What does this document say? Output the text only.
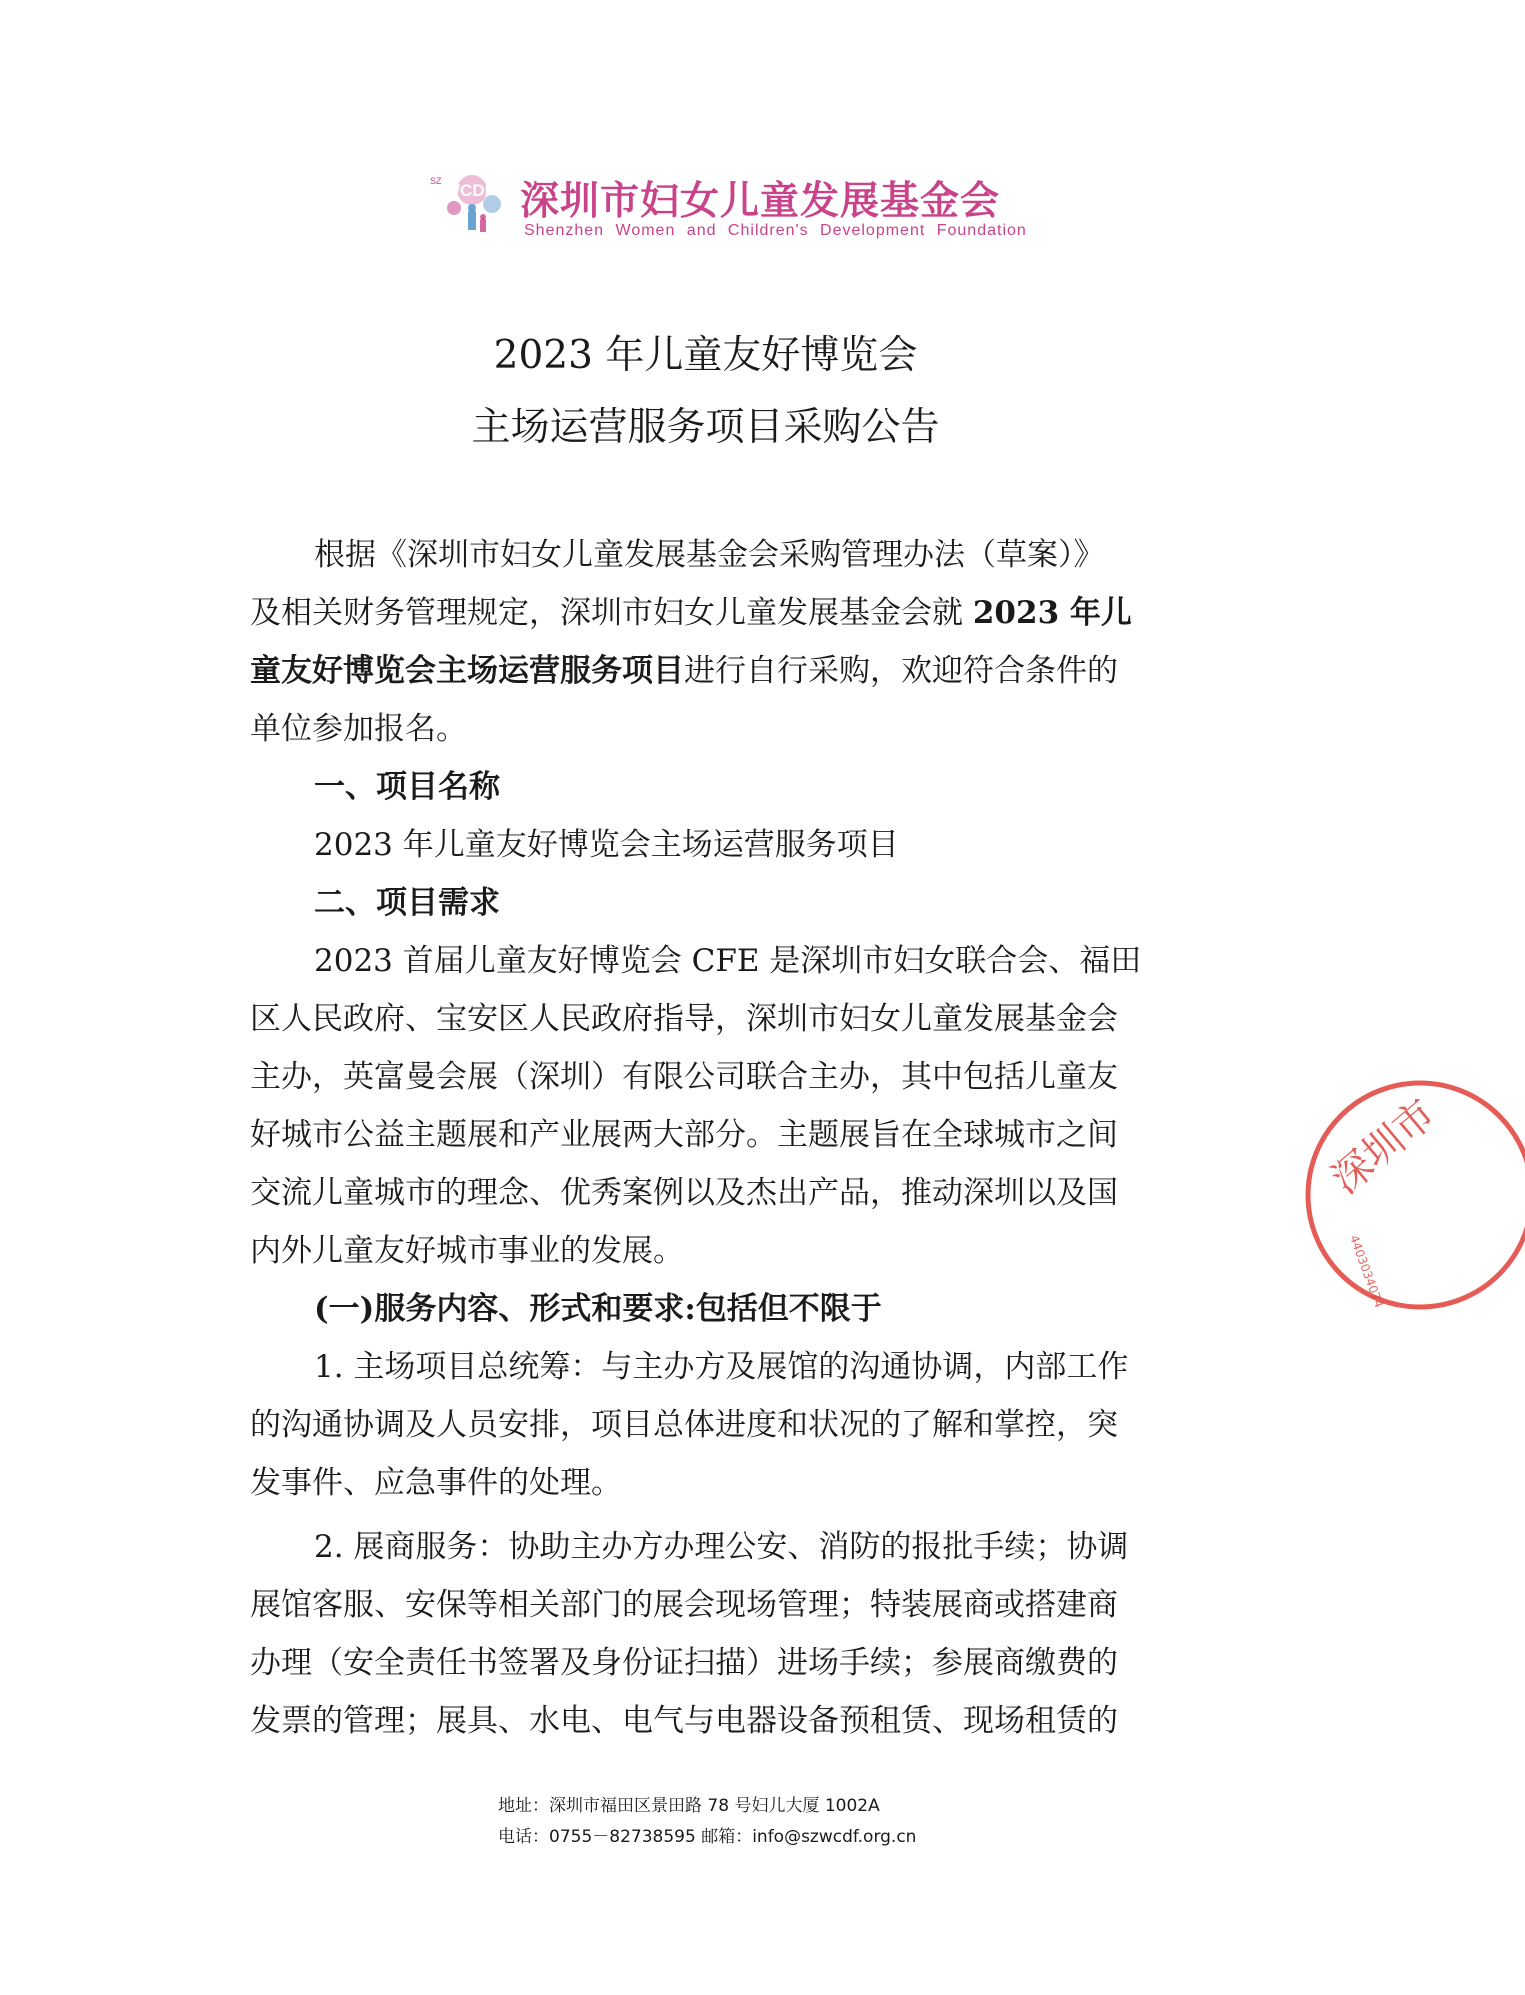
SZ WCDF 深圳市妇女儿童发展基金会
Shenzhen Women and Children's Development Foundation
2023 年儿童友好博览会
主场运营服务项目采购公告
根据《深圳市妇女儿童发展基金会采购管理办法（草案）》
及相关财务管理规定，深圳市妇女儿童发展基金会就 2023 年儿
童友好博览会主场运营服务项目进行自行采购，欢迎符合条件的
单位参加报名。
一、项目名称
2023 年儿童友好博览会主场运营服务项目
二、项目需求
2023 首届儿童友好博览会 CFE 是深圳市妇女联合会、福田
区人民政府、宝安区人民政府指导，深圳市妇女儿童发展基金会
主办，英富曼会展（深圳）有限公司联合主办，其中包括儿童友
好城市公益主题展和产业展两大部分。主题展旨在全球城市之间
交流儿童城市的理念、优秀案例以及杰出产品，推动深圳以及国
内外儿童友好城市事业的发展。
(一)服务内容、形式和要求:包括但不限于
1. 主场项目总统筹：与主办方及展馆的沟通协调，内部工作
的沟通协调及人员安排，项目总体进度和状况的了解和掌控，突
发事件、应急事件的处理。
2. 展商服务：协助主办方办理公安、消防的报批手续；协调
展馆客服、安保等相关部门的展会现场管理；特装展商或搭建商
办理（安全责任书签署及身份证扫描）进场手续；参展商缴费的
发票的管理；展具、水电、电气与电器设备预租赁、现场租赁的
深圳市
4403034074
地址：深圳市福田区景田路 78 号妇儿大厦 1002A
电话：0755－82738595 邮箱：info@szwcdf.org.cn
